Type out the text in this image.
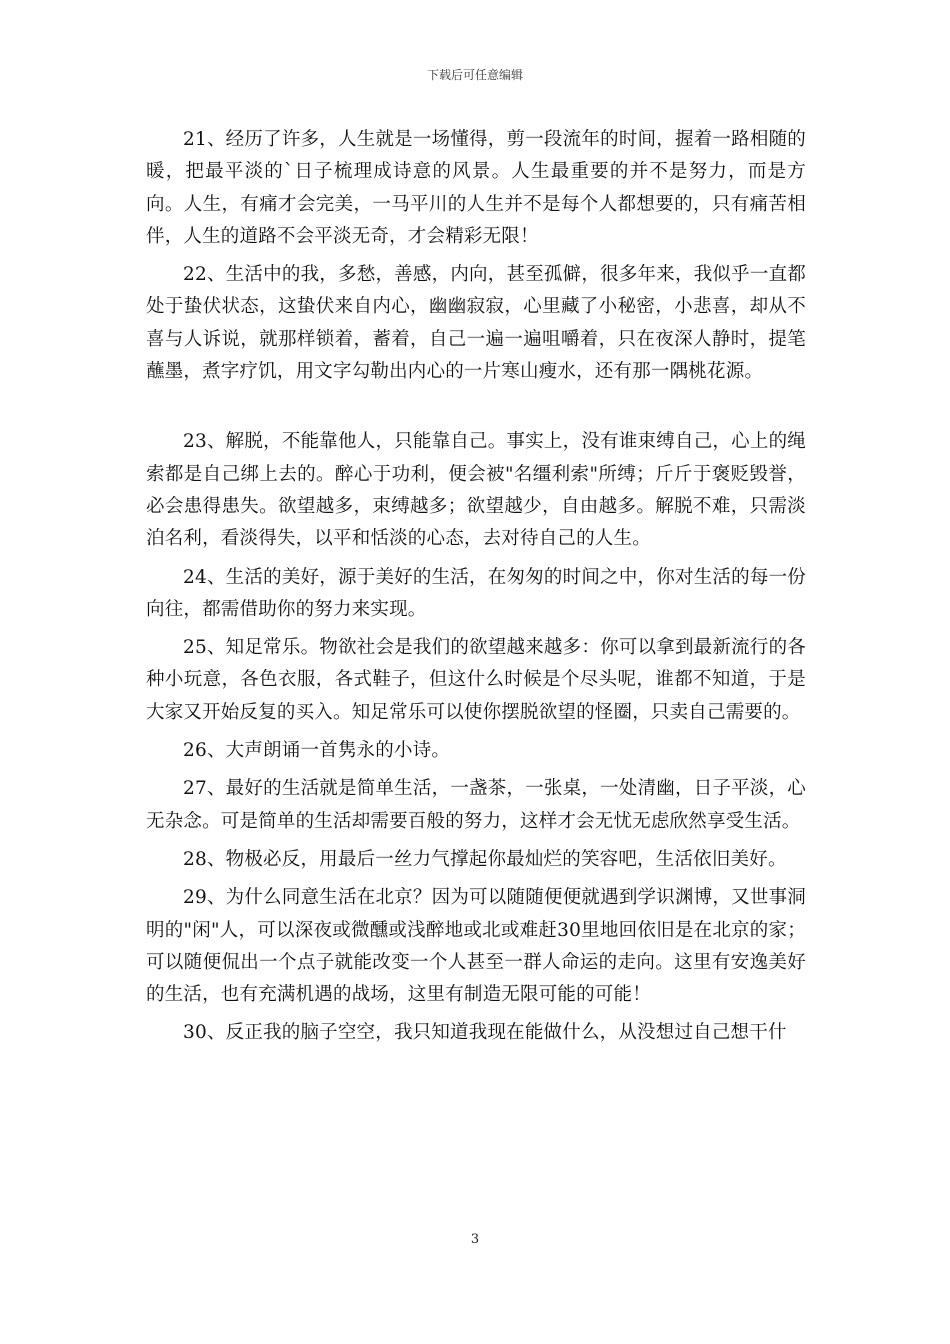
下载后可任意编辑

21、经历了许多，人生就是一场懂得，剪一段流年的时间，握着一路相随的暖，把最平淡的`日子梳理成诗意的风景。人生最重要的并不是努力，而是方向。人生，有痛才会完美，一马平川的人生并不是每个人都想要的，只有痛苦相伴，人生的道路不会平淡无奇，才会精彩无限！

22、生活中的我，多愁，善感，内向，甚至孤僻，很多年来，我似乎一直都处于蛰伏状态，这蛰伏来自内心，幽幽寂寂，心里藏了小秘密，小悲喜，却从不喜与人诉说，就那样锁着，蓄着，自己一遍一遍咀嚼着，只在夜深人静时，提笔蘸墨，煮字疗饥，用文字勾勒出内心的一片寒山瘦水，还有那一隅桃花源。

23、解脱，不能靠他人，只能靠自己。事实上，没有谁束缚自己，心上的绳索都是自己绑上去的。醉心于功利，便会被"名缰利索"所缚；斤斤于褒贬毁誉，必会患得患失。欲望越多，束缚越多；欲望越少，自由越多。解脱不难，只需淡泊名利，看淡得失，以平和恬淡的心态，去对待自己的人生。

24、生活的美好，源于美好的生活，在匆匆的时间之中，你对生活的每一份向往，都需借助你的努力来实现。

25、知足常乐。物欲社会是我们的欲望越来越多：你可以拿到最新流行的各种小玩意，各色衣服，各式鞋子，但这什么时候是个尽头呢，谁都不知道，于是大家又开始反复的买入。知足常乐可以使你摆脱欲望的怪圈，只卖自己需要的。

26、大声朗诵一首隽永的小诗。

27、最好的生活就是简单生活，一盏茶，一张桌，一处清幽，日子平淡，心无杂念。可是简单的生活却需要百般的努力，这样才会无忧无虑欣然享受生活。

28、物极必反，用最后一丝力气撑起你最灿烂的笑容吧，生活依旧美好。

29、为什么同意生活在北京？因为可以随随便便就遇到学识渊博，又世事洞明的"闲"人，可以深夜或微醺或浅醉地或北或难赶30里地回依旧是在北京的家；可以随便侃出一个点子就能改变一个人甚至一群人命运的走向。这里有安逸美好的生活，也有充满机遇的战场，这里有制造无限可能的可能！

30、反正我的脑子空空，我只知道我现在能做什么，从没想过自己想干什

3
